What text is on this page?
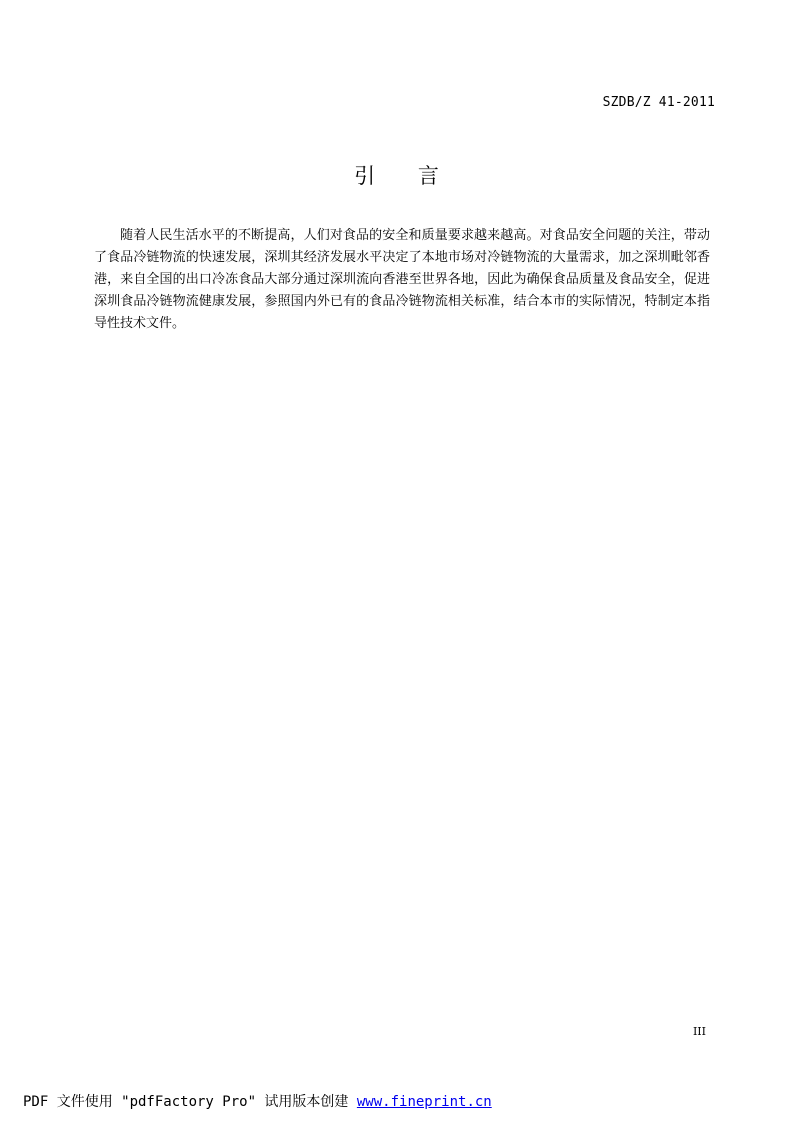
SZDB/Z 41-2011
引 言

随着人民生活水平的不断提高，人们对食品的安全和质量要求越来越高。对食品安全问题的关注，带动了食品冷链物流的快速发展，深圳其经济发展水平决定了本地市场对冷链物流的大量需求，加之深圳毗邻香港，来自全国的出口冷冻食品大部分通过深圳流向香港至世界各地，因此为确保食品质量及食品安全，促进深圳食品冷链物流健康发展，参照国内外已有的食品冷链物流相关标准，结合本市的实际情况，特制定本指导性技术文件。

III
PDF 文件使用 "pdfFactory Pro" 试用版本创建 www.fineprint.cn
